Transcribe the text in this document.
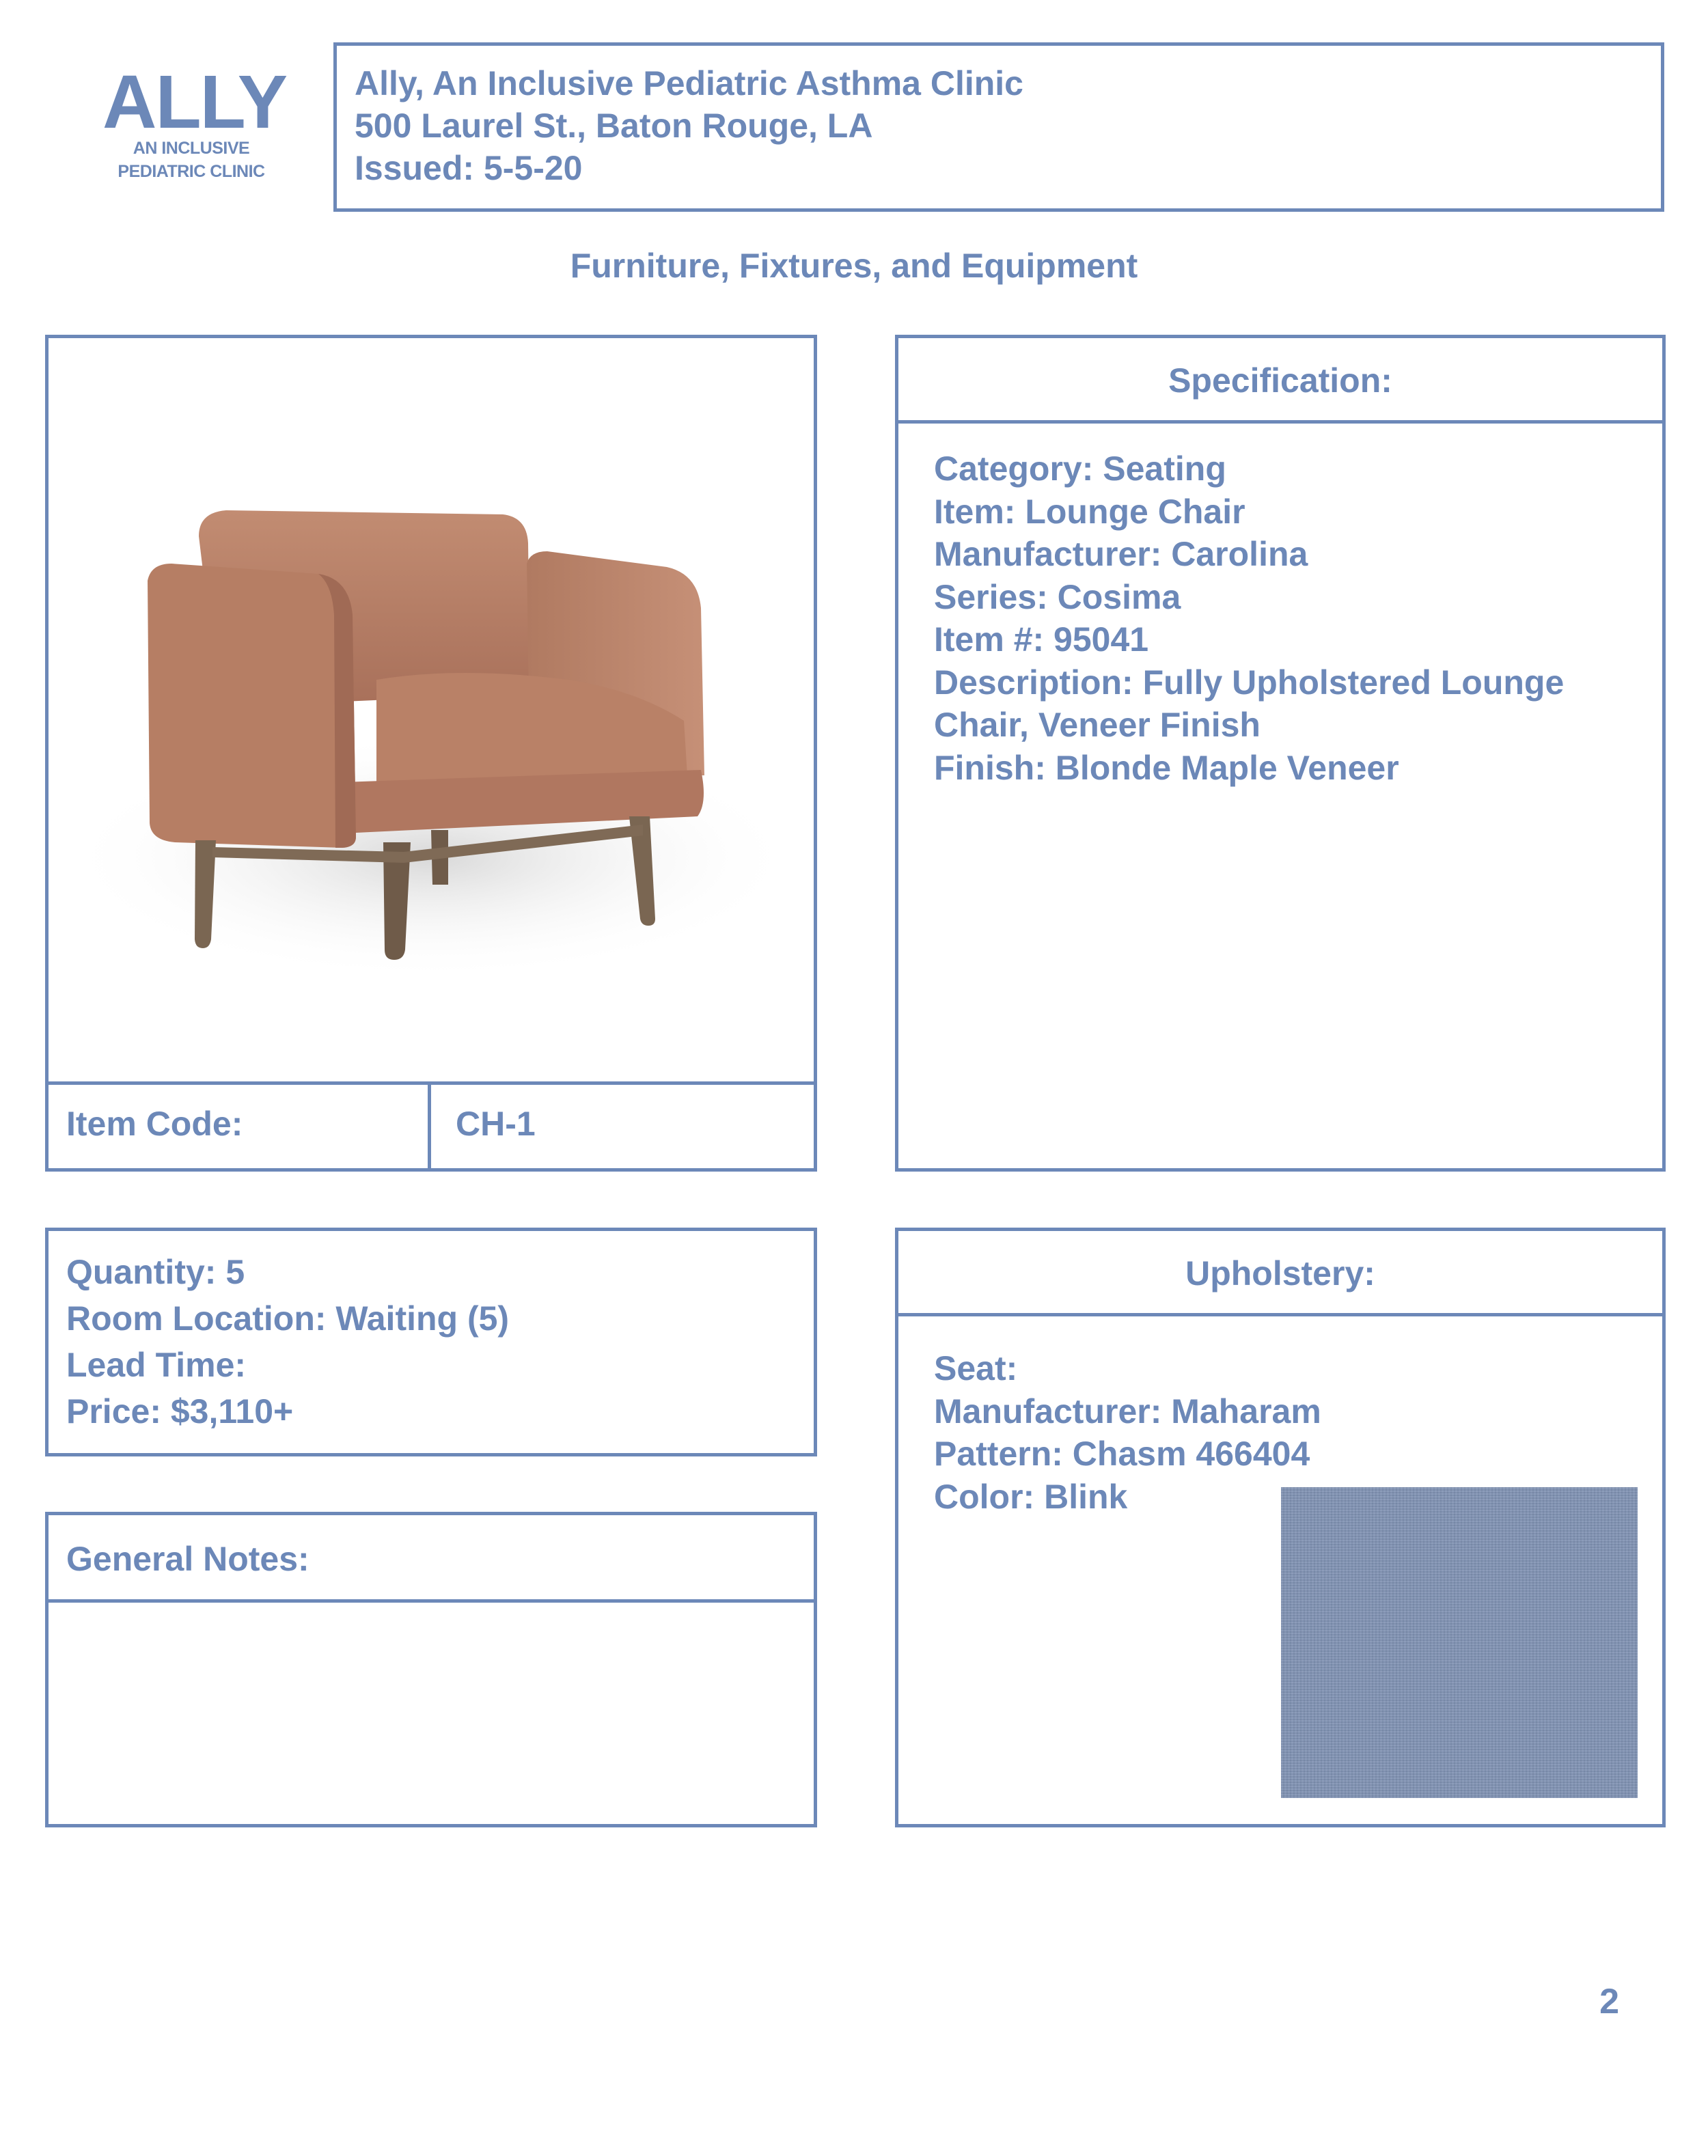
ALLY
AN INCLUSIVE
PEDIATRIC CLINIC
Ally, An Inclusive Pediatric Asthma Clinic
500 Laurel St., Baton Rouge, LA
Issued: 5-5-20
Furniture, Fixtures, and Equipment
Item Code:	CH-1
Specification:
Category: Seating
Item: Lounge Chair
Manufacturer: Carolina
Series: Cosima
Item #: 95041
Description: Fully Upholstered Lounge
Chair, Veneer Finish
Finish: Blonde Maple Veneer
Quantity: 5
Room Location: Waiting (5)
Lead Time:
Price: $3,110+
General Notes:
Upholstery:
Seat:
Manufacturer: Maharam
Pattern: Chasm 466404
Color: Blink
2
